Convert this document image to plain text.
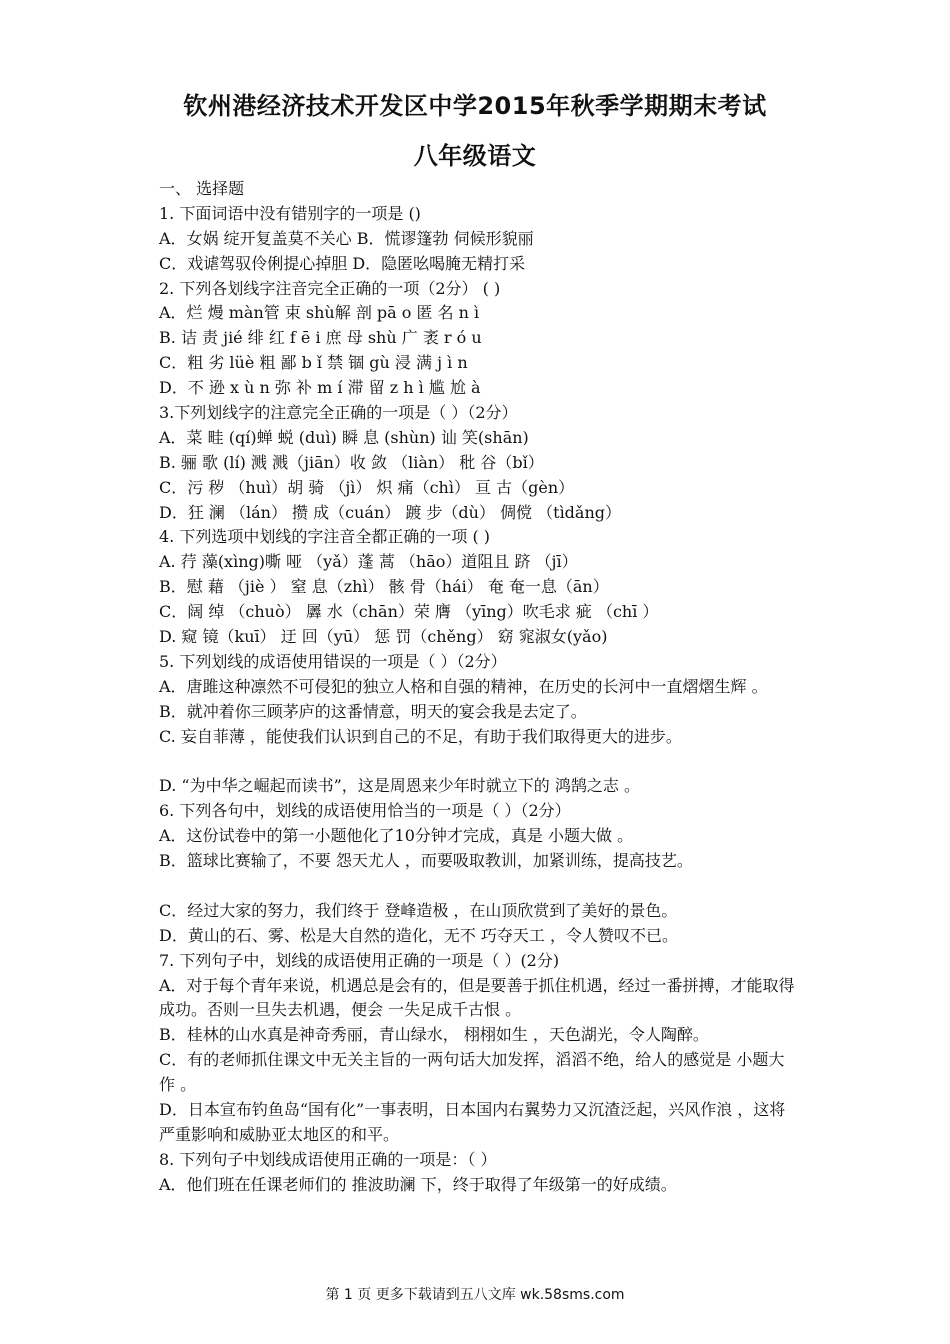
钦州港经济技术开发区中学2015年秋季学期期末考试
八年级语文
一、 选择题
1. 下面词语中没有错别字的一项是 ()
A．女娲 绽开复盖莫不关心 B．慌谬篷勃 伺候形貌丽
C．戏谑驾驭伶俐提心掉胆 D．隐匿吆喝腌无精打采
2. 下列各划线字注音完全正确的一项（2分） ( )
A．烂 熳 màn管 束 shù解 剖 pā o 匿 名 n ì
B. 诘 责 jié 绯 红 f ē i 庶 母 shù 广 袤 r ó u
C．粗 劣 lüè 粗 鄙 b ǐ 禁 锢 gù 浸 满 j ì n
D．不 逊 x ù n 弥 补 m í 滞 留 z h ì 尴 尬 à
3.下列划线字的注意完全正确的一项是（ ）（2分）
A．菜 畦 (qí)蝉 蜕 (duì) 瞬 息 (shùn) 讪 笑(shān)
B. 骊 歌 (lí) 溅 溅（jiān）收 敛 （liàn） 秕 谷（bǐ）
C．污 秽 （huì）胡 骑 （jì） 炽 痛（chì） 亘 古（gèn）
D．狂 澜 （lán） 攒 成（cuán） 踱 步（dù） 倜傥 （tìdǎng）
4. 下列选项中划线的字注音全都正确的一项 ( )
A. 荇 藻(xìng)嘶 哑 （yǎ）蓬 蒿 （hāo）道阻且 跻 （jī）
B．慰 藉 （jiè ） 窒 息（zhì） 骸 骨（hái） 奄 奄一息（ān）
C．阔 绰 （chuò） 羼 水（chān）荣 膺 （yīng）吹毛求 疵 （chī ）
D. 窥 镜（kuī） 迂 回（yū） 惩 罚（chěng） 窈 窕淑女(yǎo)
5. 下列划线的成语使用错误的一项是（ ）（2分）
A．唐雎这种凛然不可侵犯的独立人格和自强的精神，在历史的长河中一直熠熠生辉 。
B．就冲着你三顾茅庐的这番情意，明天的宴会我是去定了。
C. 妄自菲薄 ，能使我们认识到自己的不足，有助于我们取得更大的进步。
D. “为中华之崛起而读书”，这是周恩来少年时就立下的 鸿鹄之志 。
6. 下列各句中，划线的成语使用恰当的一项是（ ）（2分）
A．这份试卷中的第一小题他化了10分钟才完成，真是 小题大做 。
B．篮球比赛输了，不要 怨天尤人 ，而要吸取教训，加紧训练，提高技艺。
C．经过大家的努力，我们终于 登峰造极 ，在山顶欣赏到了美好的景色。
D．黄山的石、雾、松是大自然的造化，无不 巧夺天工 ，令人赞叹不已。
7. 下列句子中，划线的成语使用正确的一项是（ ）(2分)
A．对于每个青年来说，机遇总是会有的，但是要善于抓住机遇，经过一番拼搏，才能取得成功。否则一旦失去机遇，便会 一失足成千古恨 。
B．桂林的山水真是神奇秀丽，青山绿水， 栩栩如生 ，天色湖光，令人陶醉。
C．有的老师抓住课文中无关主旨的一两句话大加发挥，滔滔不绝，给人的感觉是 小题大作 。
D．日本宣布钓鱼岛“国有化”一事表明，日本国内右翼势力又沉渣泛起，兴风作浪 ，这将严重影响和威胁亚太地区的和平。
8. 下列句子中划线成语使用正确的一项是：（ ）
A．他们班在任课老师们的 推波助澜 下，终于取得了年级第一的好成绩。
第 1 页 更多下载请到五八文库 wk.58sms.com
